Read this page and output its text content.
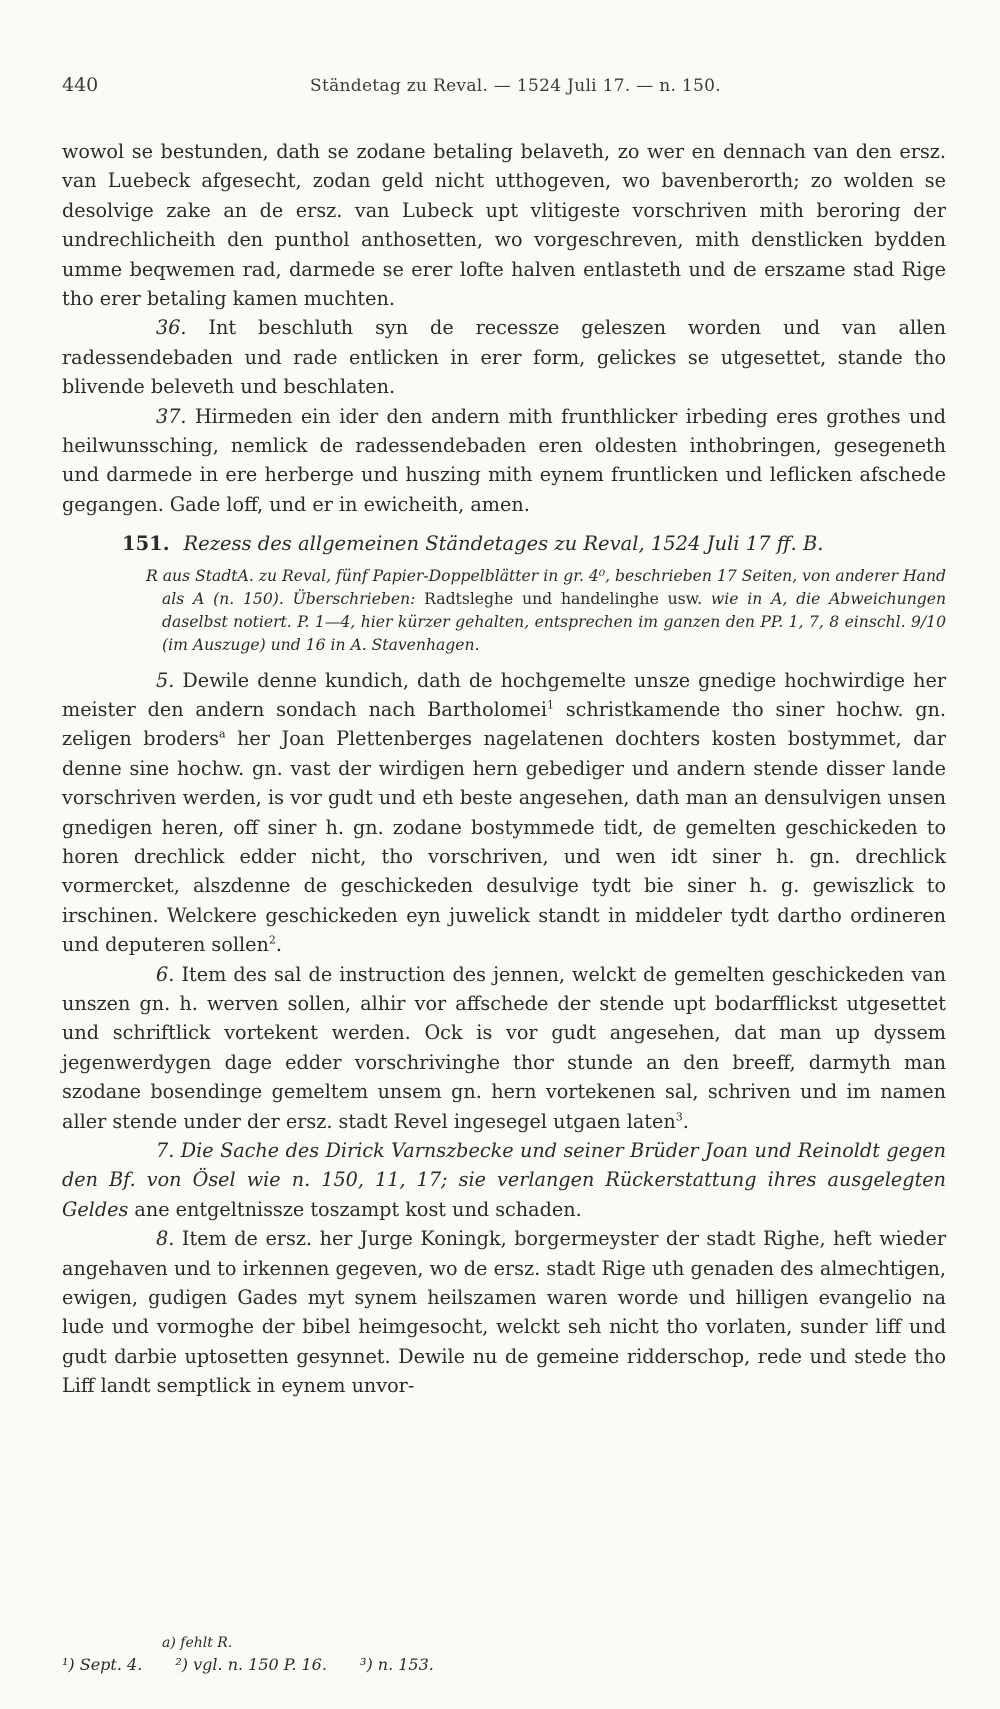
440	Ständetag zu Reval. — 1524 Juli 17. — n. 150.

wowol se bestunden, dath se zodane betaling belaveth, zo wer en dennach van den ersz. van Luebeck afgesecht, zodan geld nicht utthogeven, wo bavenberorth; zo wolden se desolvige zake an de ersz. van Lubeck upt vlitigeste vorschriven mith beroring der undrechlicheith den punthol anthosetten, wo vorgeschreven, mith denstlicken bydden umme beqwemen rad, darmede se erer lofte halven entlasteth und de erszame stad Rige tho erer betaling kamen muchten.

36. Int beschluth syn de recessze geleszen worden und van allen radessendebaden und rade entlicken in erer form, gelickes se utgesettet, stande tho blivende beleveth und beschlaten.

37. Hirmeden ein ider den andern mith frunthlicker irbeding eres grothes und heilwunssching, nemlick de radessendebaden eren oldesten inthobringen, gesegeneth und darmede in ere herberge und huszing mith eynem fruntlicken und leflicken afschede gegangen. Gade loff, und er in ewicheith, amen.

151. Rezess des allgemeinen Ständetages zu Reval, 1524 Juli 17 ff. B.
R aus StadtA. zu Reval, fünf Papier-Doppelblätter in gr. 4⁰, beschrieben 17 Seiten, von anderer Hand als A (n. 150). Überschrieben: Radtsleghe und handelinghe usw. wie in A, die Abweichungen daselbst notiert. P. 1—4, hier kürzer gehalten, entsprechen im ganzen den PP. 1, 7, 8 einschl. 9/10 (im Auszuge) und 16 in A. Stavenhagen.

5. Dewile denne kundich, dath de hochgemelte unsze gnedige hochwirdige her meister den andern sondach nach Bartholomei$^1$ schristkamende tho siner hochw. gn. zeligen broders$^a$ her Joan Plettenberges nagelatenen dochters kosten bostymmet, dar denne sine hochw. gn. vast der wirdigen hern gebediger und andern stende disser lande vorschriven werden, is vor gudt und eth beste angesehen, dath man an densulvigen unsen gnedigen heren, off siner h. gn. zodane bostymmede tidt, de gemelten geschickeden to horen drechlick edder nicht, tho vorschriven, und wen idt siner h. gn. drechlick vormercket, alszdenne de geschickeden desulvige tydt bie siner h. g. gewiszlick to irschinen. Welckere geschickeden eyn juwelick standt in middeler tydt dartho ordineren und deputeren sollen$^2$.

6. Item des sal de instruction des jennen, welckt de gemelten geschickeden van unszen gn. h. werven sollen, alhir vor affschede der stende upt bodarfflickst utgesettet und schriftlick vortekent werden. Ock is vor gudt angesehen, dat man up dyssem jegenwerdygen dage edder vorschrivinghe thor stunde an den breeff, darmyth man szodane bosendinge gemeltem unsem gn. hern vortekenen sal, schriven und im namen aller stende under der ersz. stadt Revel ingesegel utgaen laten$^3$.

7. Die Sache des Dirick Varnszbecke und seiner Brüder Joan und Reinoldt gegen den Bf. von Ösel wie n. 150, 11, 17; sie verlangen Rückerstattung ihres ausgelegten Geldes ane entgeltnissze toszampt kost und schaden.

8. Item de ersz. her Jurge Koningk, borgermeyster der stadt Righe, heft wieder angehaven und to irkennen gegeven, wo de ersz. stadt Rige uth genaden des almechtigen, ewigen, gudigen Gades myt synem heilszamen waren worde und hilligen evangelio na lude und vormoghe der bibel heimgesocht, welckt seh nicht tho vorlaten, sunder liff und gudt darbie uptosetten gesynnet. Dewile nu de gemeine ridderschop, rede und stede tho Liff landt semptlick in eynem unvor-

a) fehlt R.
¹) Sept. 4. ²) vgl. n. 150 P. 16. ³) n. 153.
